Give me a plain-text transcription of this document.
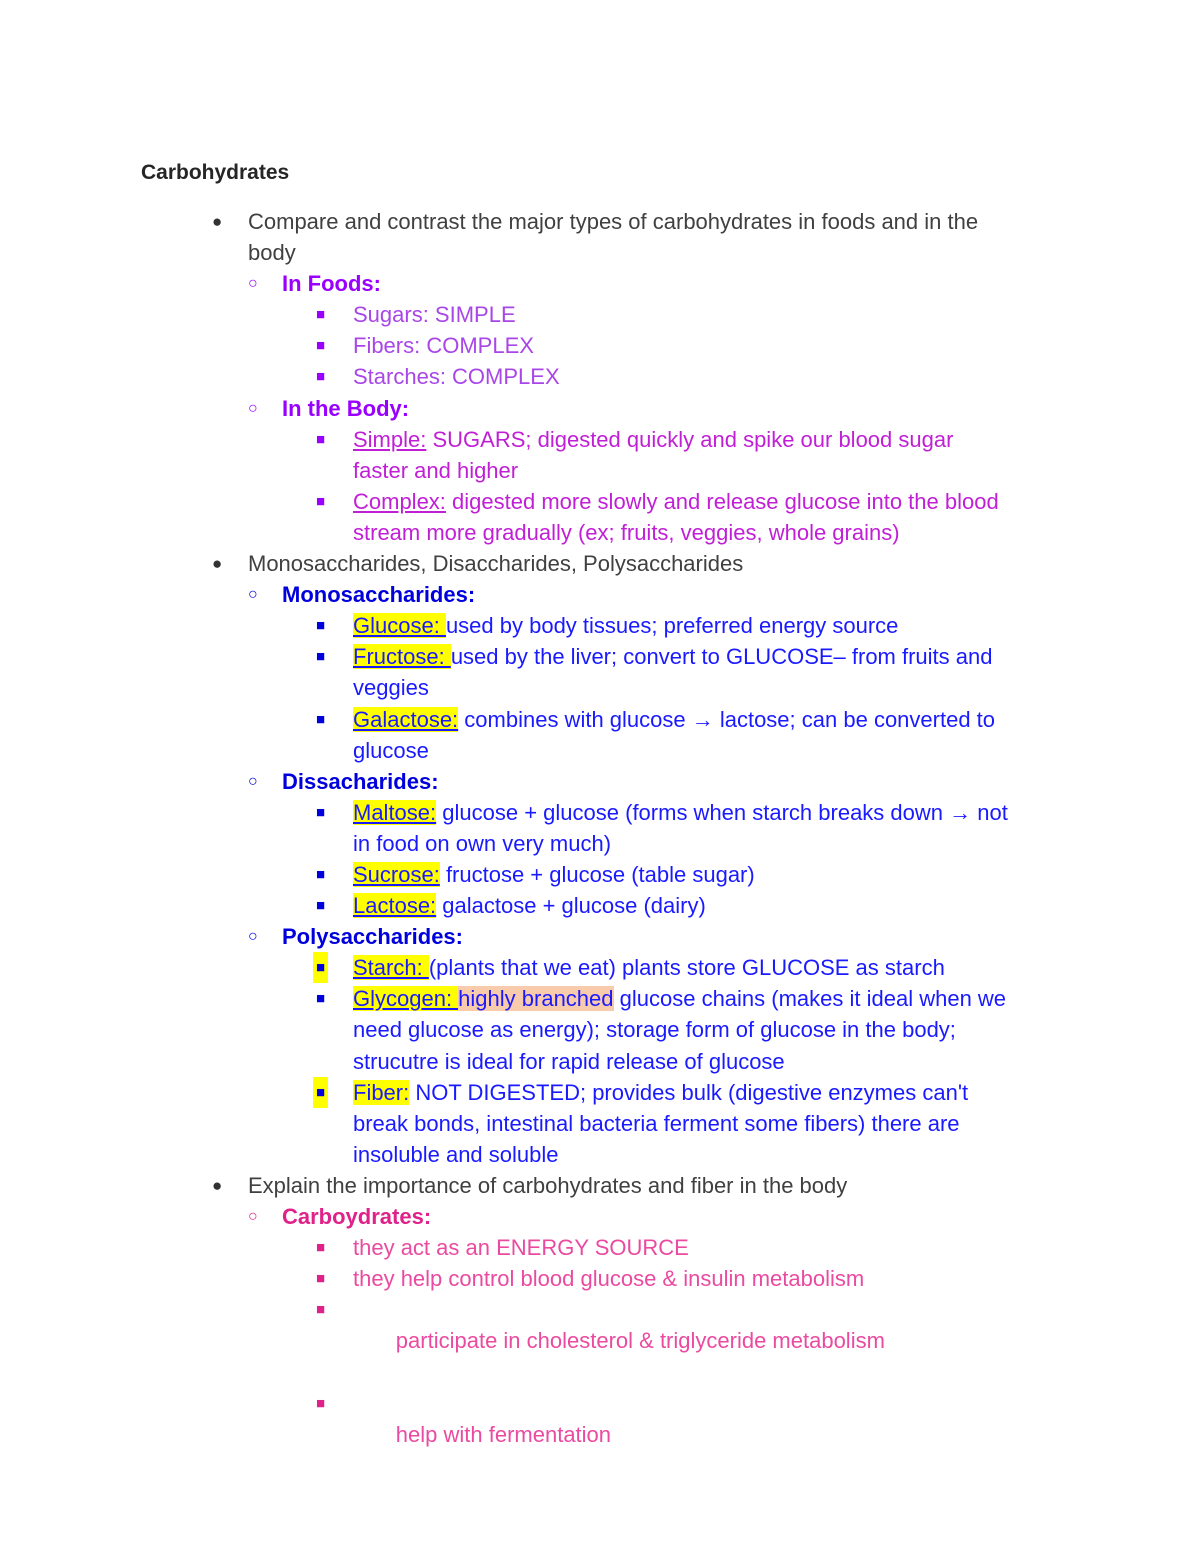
Carbohydrates
● Compare and contrast the major types of carbohydrates in foods and in the
body
○ In Foods:
■ Sugars: SIMPLE
■ Fibers: COMPLEX
■ Starches: COMPLEX
○ In the Body:
■ Simple: SUGARS; digested quickly and spike our blood sugar
faster and higher
■ Complex: digested more slowly and release glucose into the blood
stream more gradually (ex; fruits, veggies, whole grains)
● Monosaccharides, Disaccharides, Polysaccharides
○ Monosaccharides:
■ Glucose: used by body tissues; preferred energy source
■ Fructose: used by the liver; convert to GLUCOSE– from fruits and
veggies
■ Galactose: combines with glucose → lactose; can be converted to
glucose
○ Dissacharides:
■ Maltose: glucose + glucose (forms when starch breaks down → not
in food on own very much)
■ Sucrose: fructose + glucose (table sugar)
■ Lactose: galactose + glucose (dairy)
○ Polysaccharides:
■ Starch: (plants that we eat) plants store GLUCOSE as starch
■ Glycogen: highly branched glucose chains (makes it ideal when we
need glucose as energy); storage form of glucose in the body;
strucutre is ideal for rapid release of glucose
■ Fiber: NOT DIGESTED; provides bulk (digestive enzymes can't
break bonds, intestinal bacteria ferment some fibers) there are
insoluble and soluble
● Explain the importance of carbohydrates and fiber in the body
○ Carboydrates:
■ they act as an ENERGY SOURCE
■ they help control blood glucose & insulin metabolism

■
participate in cholesterol & triglyceride metabolism

■
help with fermentation
